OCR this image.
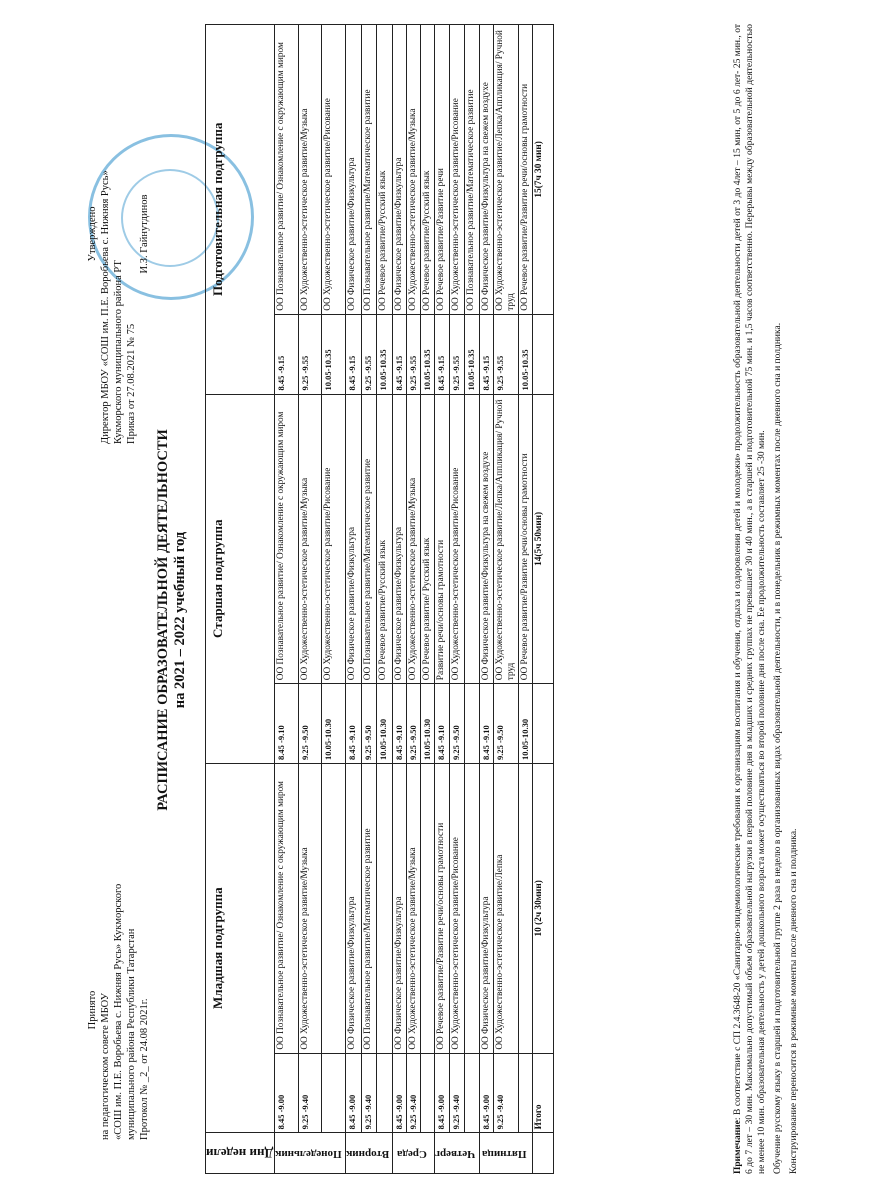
Принято на педагогическом совете МБОУ «СОШ им. П.Е. Воробьева с. Нижняя Русь» Кукморского муниципального района Республики Татарстан Протокол № _2_ от 24.08 2021г.
Утверждено Директор МБОУ «СОШ им. П.Е. Воробьева с. Нижняя Русь» Кукморского муниципального района РТ Приказ от 27.08.2021 № 75
И.З. Гайнутдинов
РАСПИСАНИЕ ОБРАЗОВАТЕЛЬНОЙ ДЕЯТЕЛЬНОСТИ на 2021 – 2022 учебный год
Дни недели	Младшая подгруппа		Старшая подгруппа		Подготовительная подгруппа	
Понедельник	8.45 -9.00	ОО Познавательное развитие/ Ознакомление с окружающим миром	8.45 -9.10	ОО Познавательное развитие/ Ознакомление с окружающим миром	8.45 -9.15	ОО Познавательное развитие/ Ознакомление с окружающим миром
	9.25 -9.40	ОО Художественно-эстетическое развитие/Музыка	9.25 -9.50	ОО Художественно-эстетическое развитие/Музыка	9.25 -9.55	ОО Художественно-эстетическое развитие/Музыка
			10.05-10.30	ОО Художественно-эстетическое развитие/Рисование	10.05-10.35	ОО Художественно-эстетическое развитие/Рисование
Вторник	8.45 -9.00	ОО Физическое развитие/Физкультура	8.45 -9.10	ОО Физическое развитие/Физкультура	8.45 -9.15	ОО Физическое развитие/Физкультура
	9.25 -9.40	ОО Познавательное развитие/Математическое развитие	9.25 -9.50	ОО Познавательное развитие/Математическое развитие	9.25 -9.55	ОО Познавательное развитие/Математическое развитие
			10.05-10.30	ОО Речевое развитие/Русский язык	10.05-10.35	ОО Речевое развитие/Русский язык
Среда	8.45 -9.00	ОО Физическое развитие/Физкультура	8.45 -9.10	ОО Физическое развитие/Физкультура	8.45 -9.15	ОО Физическое развитие/Физкультура
	9.25 -9.40	ОО Художественно-эстетическое развитие/Музыка	9.25 -9.50	ОО Художественно-эстетическое развитие/Музыка	9.25 -9.55	ОО Художественно-эстетическое развитие/Музыка
			10.05-10.30	ОО Речевое развитие/ Русский язык	10.05-10.35	ОО Речевое развитие/Русский язык
Четверг	8.45 -9.00	ОО Речевое развитие/Развитие речи/основы грамотности	8.45 -9.10	Развитие речи/основы грамотности	8.45 -9.15	ОО Речевое развитие/Развитие речи
	9.25 -9.40	ОО Художественно-эстетическое развитие/Рисование	9.25 -9.50	ОО Художественно-эстетическое развитие/Рисование	9.25 -9.55	ОО Художественно-эстетическое развитие/Рисование
					10.05-10.35	ОО Познавательное развитие/Математическое развитие
Пятница	8.45 -9.00	ОО Физическое развитие/Физкультура	8.45 -9.10	ОО Физическое развитие/Физкультура на свежем воздухе	8.45 -9.15	ОО Физическое развитие/Физкультура на свежем воздухе
	9.25 -9.40	ОО Художественно-эстетическое развитие/Лепка	9.25 -9.50	ОО Художественно-эстетическое развитие/Лепка/Аппликация/ Ручной труд	9.25 -9.55	ОО Художественно-эстетическое развитие/Лепка/Аппликация/ Ручной труд
			10.05-10.30	ОО Речевое развитие/Развитие речи/основы грамотности	10.05-10.35	ОО Речевое развитие/Развитие речи/основы грамотности
	Итого	10 (2ч 30мин)		14(5ч 50мин)		15(7ч 30 мин)

Примечание: В соответствие с СП 2.4.3648-20 «Санитарно-эпидемиологические требования к организациям воспитания и обучения, отдыха и оздоровления детей и молодежи» продолжительность образовательной деятельности детей от 3 до 4лет – 15 мин, от 5 до 6 лет- 25 мин., от 6 до 7 лет – 30 мин. Максимально допустимый объем образовательной нагрузки в первой половине дня в младших и средних группах не превышает 30 и 40 мин., а в старшей и подготовительной 75 мин. и 1,5 часов соответственно. Перерывы между образовательной деятельностью не менее 10 мин. образовательная деятельность у детей дошкольного возраста может осуществляться во второй половине дня после сна. Ее продолжительность составляет 25 -30 мин. Обучение русскому языку в старшей и подготовительной группе 2 раза в неделю в организованных видах образовательной деятельности, и в понедельник в режимных моментах после дневного сна и полдника. Конструирование переносится в режимные моменты после дневного сна и полдника.
